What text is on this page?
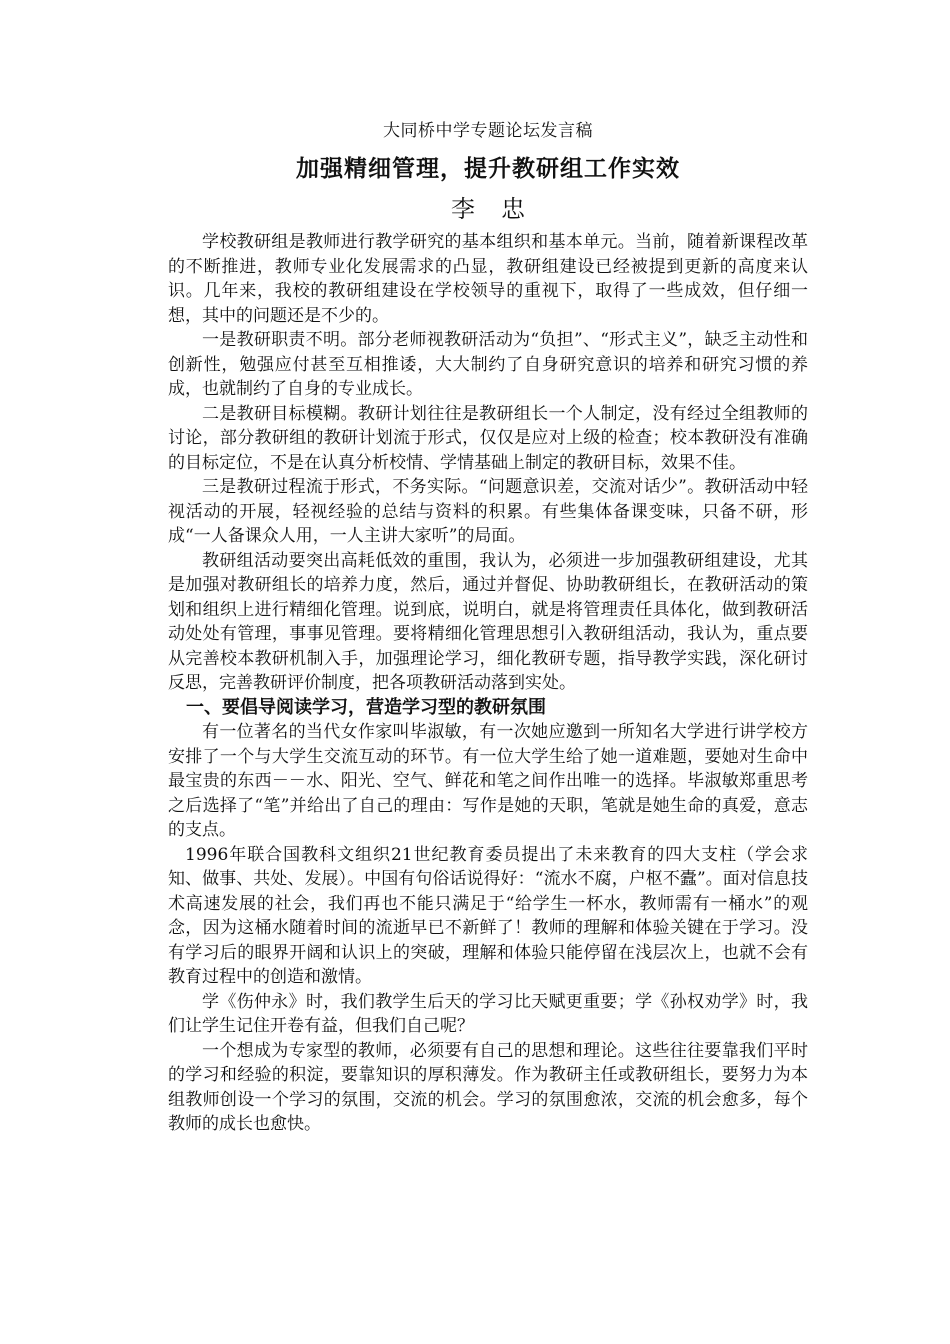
大同桥中学专题论坛发言稿
加强精细管理，提升教研组工作实效
李忠

学校教研组是教师进行教学研究的基本组织和基本单元。当前，随着新课程改革的不断推进，教师专业化发展需求的凸显，教研组建设已经被提到更新的高度来认识。几年来，我校的教研组建设在学校领导的重视下，取得了一些成效，但仔细一想，其中的问题还是不少的。

一是教研职责不明。部分老师视教研活动为“负担”、“形式主义”，缺乏主动性和创新性，勉强应付甚至互相推诿，大大制约了自身研究意识的培养和研究习惯的养成，也就制约了自身的专业成长。

二是教研目标模糊。教研计划往往是教研组长一个人制定，没有经过全组教师的讨论，部分教研组的教研计划流于形式，仅仅是应对上级的检查；校本教研没有准确的目标定位，不是在认真分析校情、学情基础上制定的教研目标，效果不佳。

三是教研过程流于形式，不务实际。“问题意识差，交流对话少”。教研活动中轻视活动的开展，轻视经验的总结与资料的积累。有些集体备课变味，只备不研，形成“一人备课众人用，一人主讲大家听”的局面。

教研组活动要突出高耗低效的重围，我认为，必须进一步加强教研组建设，尤其是加强对教研组长的培养力度，然后，通过并督促、协助教研组长，在教研活动的策划和组织上进行精细化管理。说到底，说明白，就是将管理责任具体化，做到教研活动处处有管理，事事见管理。要将精细化管理思想引入教研组活动，我认为，重点要从完善校本教研机制入手，加强理论学习，细化教研专题，指导教学实践，深化研讨反思，完善教研评价制度，把各项教研活动落到实处。

一、要倡导阅读学习，营造学习型的教研氛围

有一位著名的当代女作家叫毕淑敏，有一次她应邀到一所知名大学进行讲学校方安排了一个与大学生交流互动的环节。有一位大学生给了她一道难题，要她对生命中最宝贵的东西－－水、阳光、空气、鲜花和笔之间作出唯一的选择。毕淑敏郑重思考之后选择了“笔”并给出了自己的理由：写作是她的天职，笔就是她生命的真爱，意志的支点。

1996年联合国教科文组织21世纪教育委员提出了未来教育的四大支柱（学会求知、做事、共处、发展）。中国有句俗话说得好：“流水不腐，户枢不蠹”。面对信息技术高速发展的社会，我们再也不能只满足于“给学生一杯水，教师需有一桶水”的观念，因为这桶水随着时间的流逝早已不新鲜了！教师的理解和体验关键在于学习。没有学习后的眼界开阔和认识上的突破，理解和体验只能停留在浅层次上，也就不会有教育过程中的创造和激情。

学《伤仲永》时，我们教学生后天的学习比天赋更重要；学《孙权劝学》时，我们让学生记住开卷有益，但我们自己呢？

一个想成为专家型的教师，必须要有自己的思想和理论。这些往往要靠我们平时的学习和经验的积淀，要靠知识的厚积薄发。作为教研主任或教研组长，要努力为本组教师创设一个学习的氛围，交流的机会。学习的氛围愈浓，交流的机会愈多，每个教师的成长也愈快。
